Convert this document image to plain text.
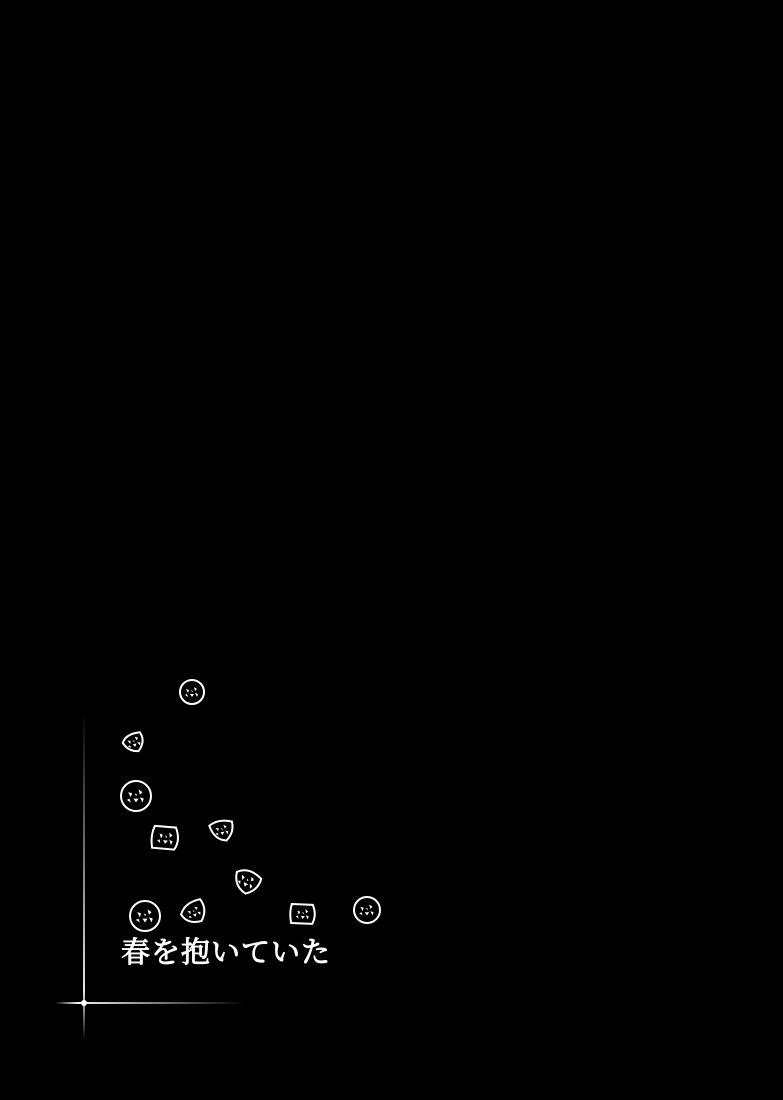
春を抱いていた
